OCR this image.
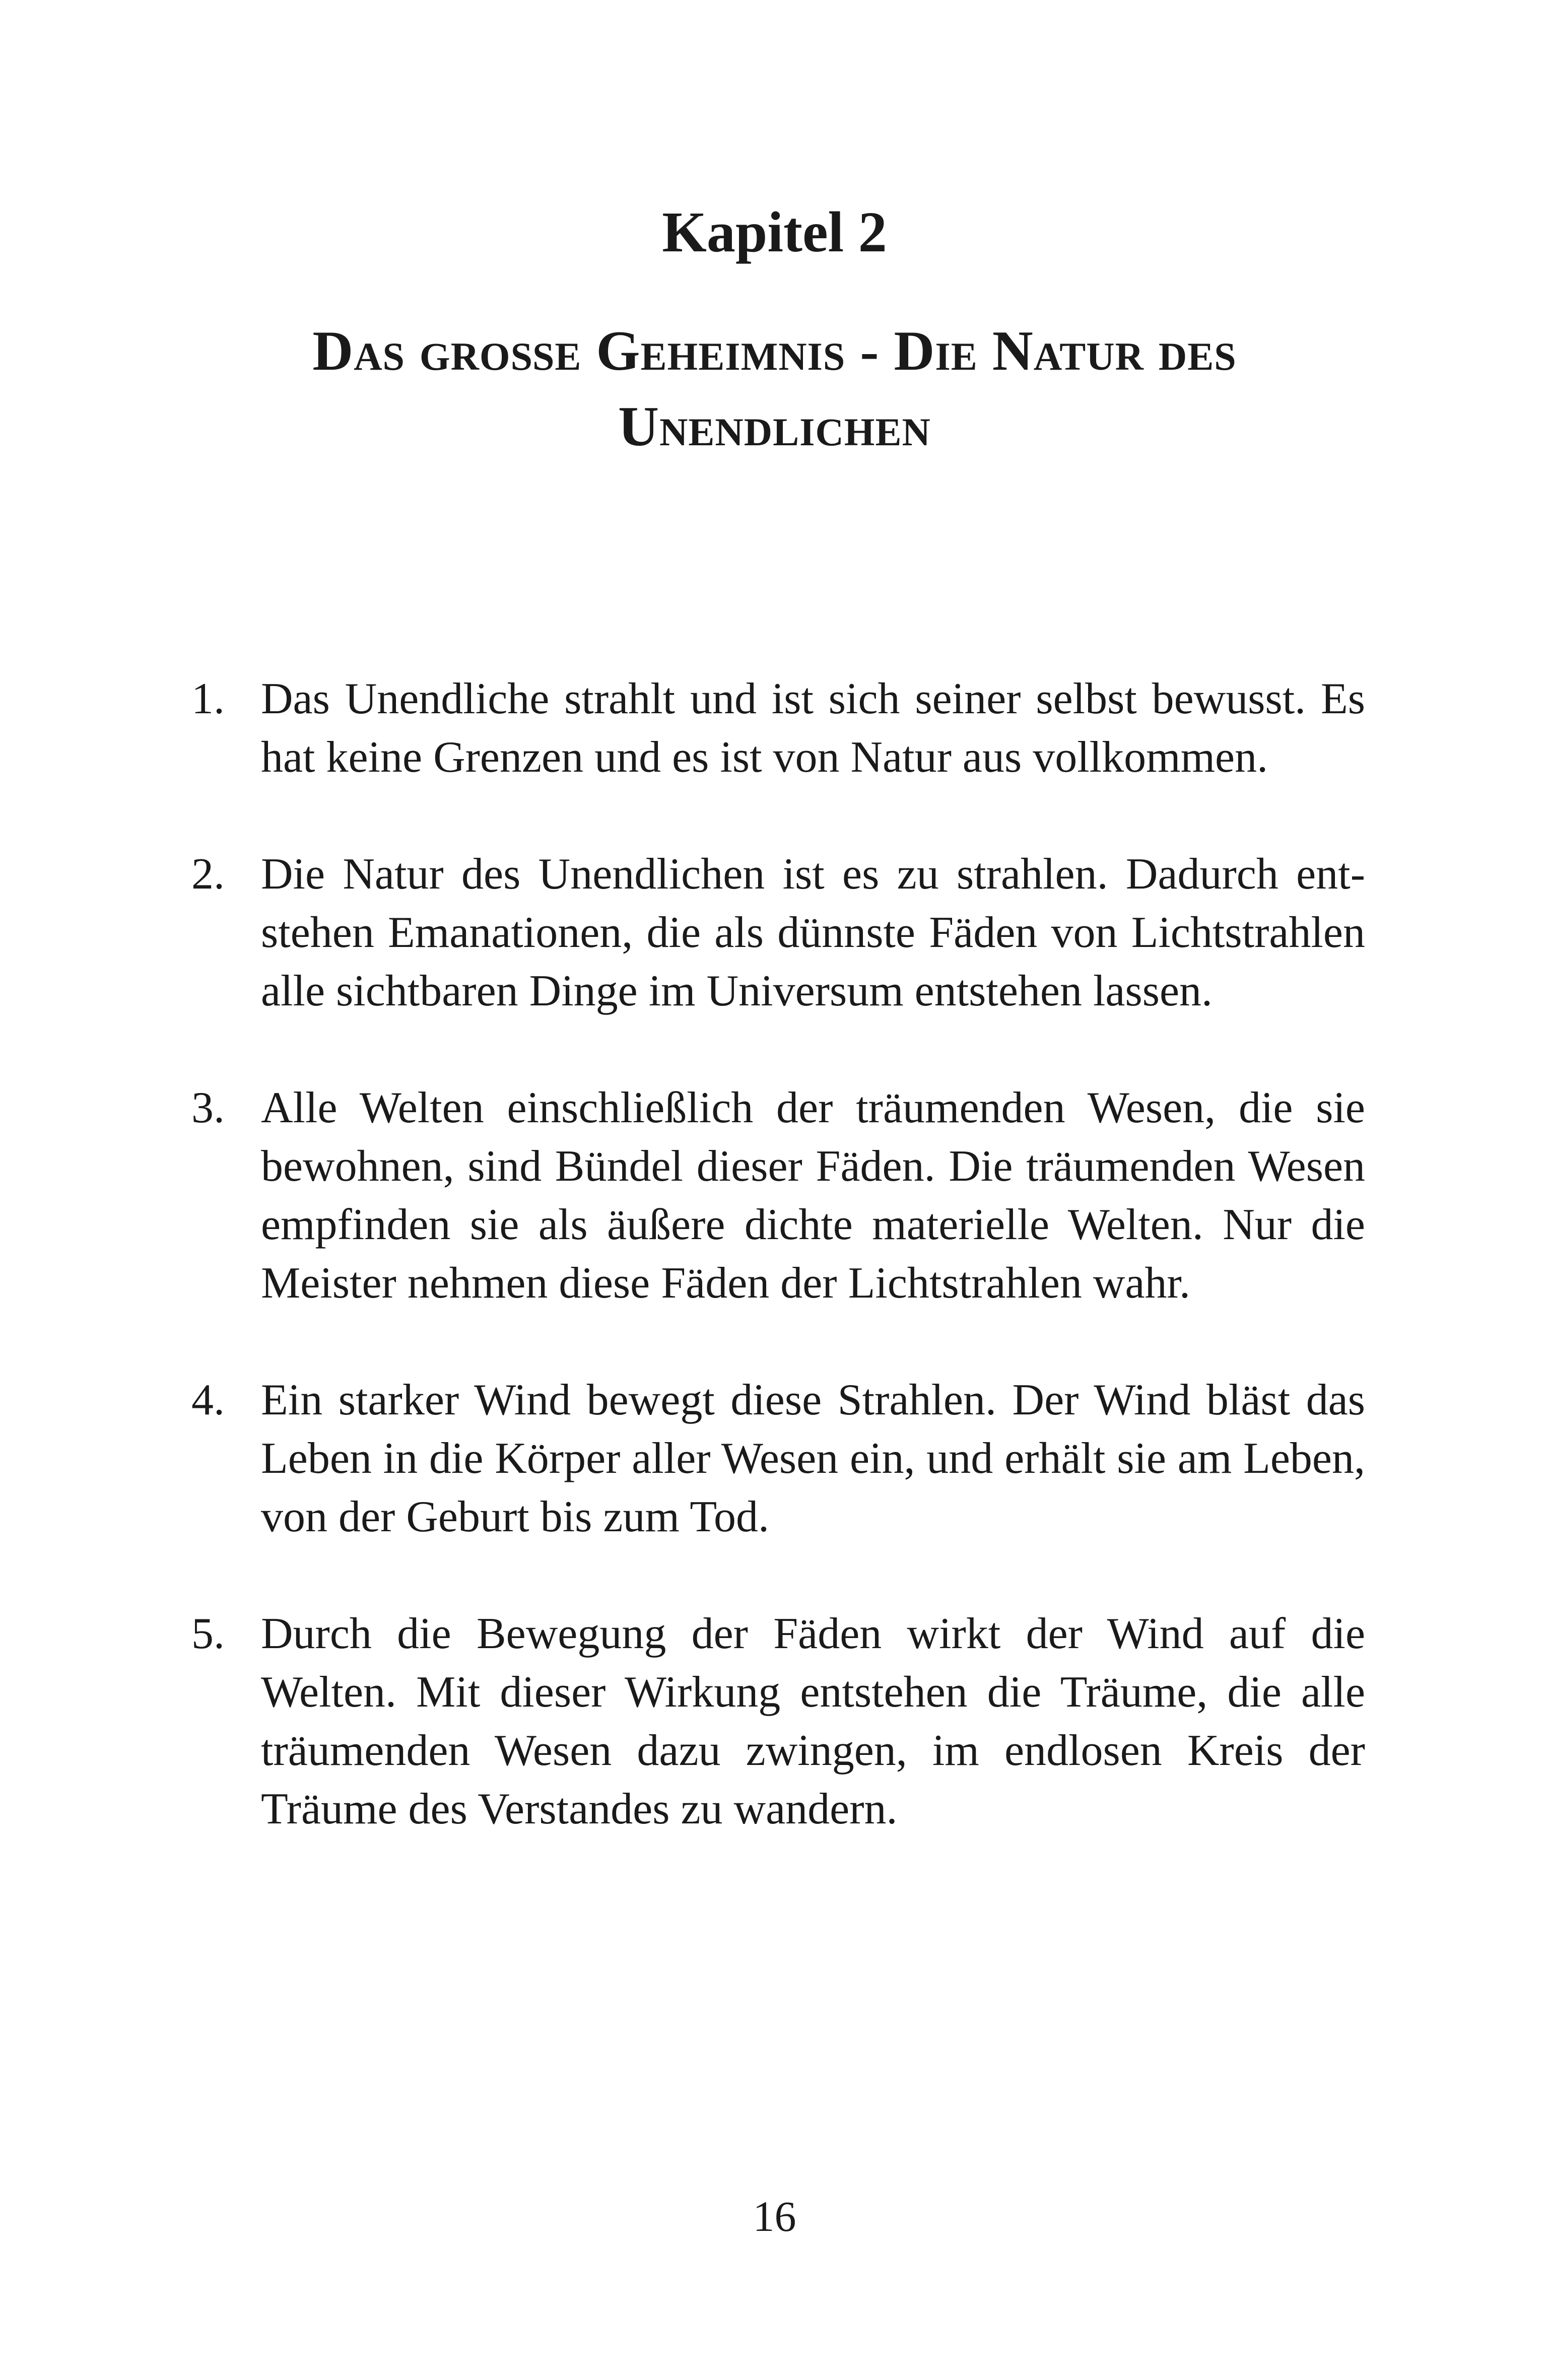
Kapitel 2
Das große Geheimnis - Die Natur des
Unendlichen
1. Das Unendliche strahlt und ist sich seiner selbst bewusst. Es hat keine Grenzen und es ist von Natur aus vollkommen.
2. Die Natur des Unendlichen ist es zu strahlen. Dadurch entstehen Emanationen, die als dünnste Fäden von Lichtstrahlen alle sichtbaren Dinge im Universum entstehen lassen.
3. Alle Welten einschließlich der träumenden Wesen, die sie bewohnen, sind Bündel dieser Fäden. Die träumenden Wesen empfinden sie als äußere dichte materielle Welten. Nur die Meister nehmen diese Fäden der Lichtstrahlen wahr.
4. Ein starker Wind bewegt diese Strahlen. Der Wind bläst das Leben in die Körper aller Wesen ein, und erhält sie am Leben, von der Geburt bis zum Tod.
5. Durch die Bewegung der Fäden wirkt der Wind auf die Welten. Mit dieser Wirkung entstehen die Träume, die alle träumenden Wesen dazu zwingen, im endlosen Kreis der Träume des Verstandes zu wandern.
16
